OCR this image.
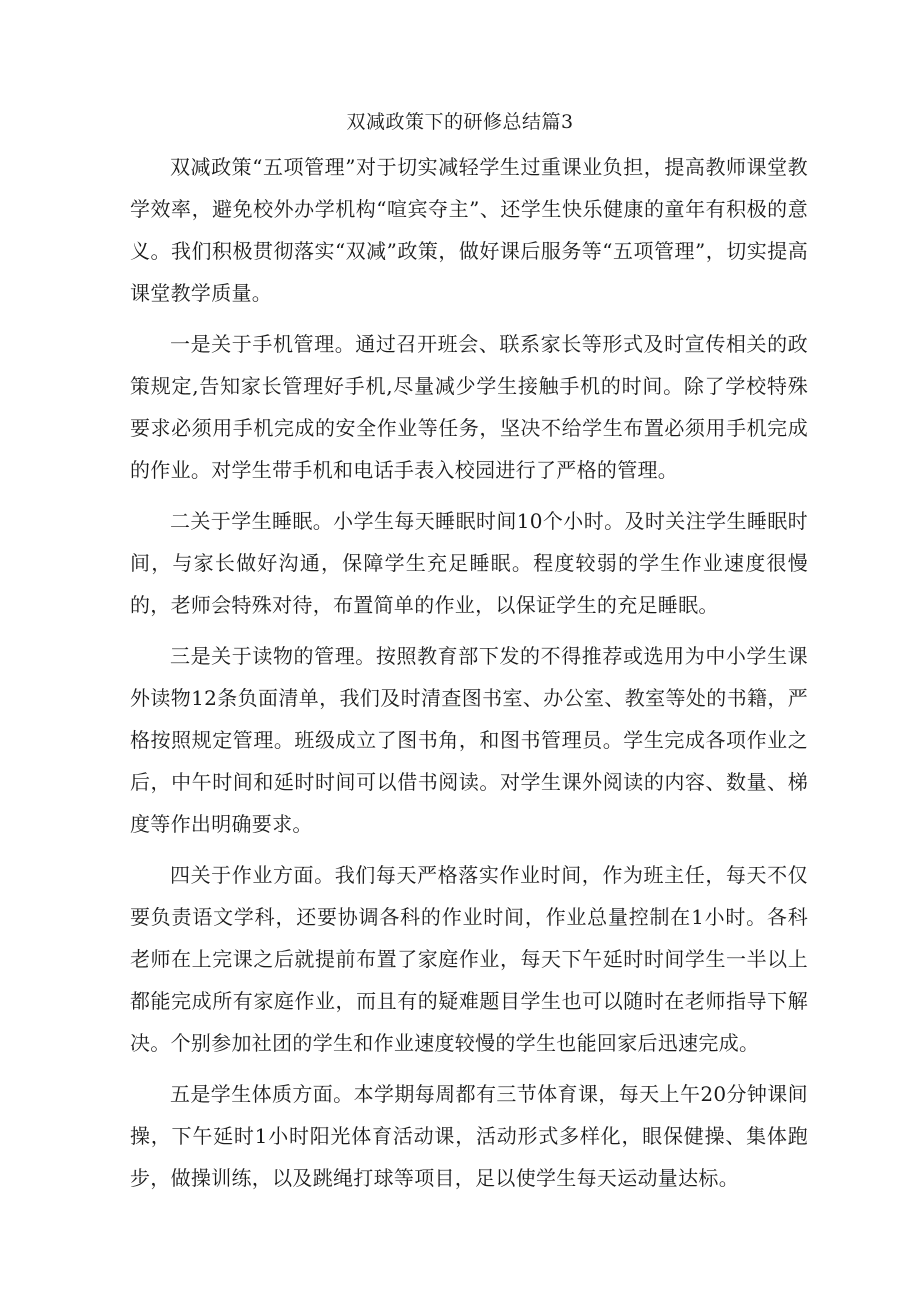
双减政策下的研修总结篇3

双减政策“五项管理”对于切实减轻学生过重课业负担，提高教师课堂教学效率，避免校外办学机构“喧宾夺主”、还学生快乐健康的童年有积极的意义。我们积极贯彻落实“双减”政策，做好课后服务等“五项管理”，切实提高课堂教学质量。

一是关于手机管理。通过召开班会、联系家长等形式及时宣传相关的政策规定,告知家长管理好手机,尽量减少学生接触手机的时间。除了学校特殊要求必须用手机完成的安全作业等任务，坚决不给学生布置必须用手机完成的作业。对学生带手机和电话手表入校园进行了严格的管理。

二关于学生睡眠。小学生每天睡眠时间10个小时。及时关注学生睡眠时间，与家长做好沟通，保障学生充足睡眠。程度较弱的学生作业速度很慢的，老师会特殊对待，布置简单的作业，以保证学生的充足睡眠。

三是关于读物的管理。按照教育部下发的不得推荐或选用为中小学生课外读物12条负面清单，我们及时清查图书室、办公室、教室等处的书籍，严格按照规定管理。班级成立了图书角，和图书管理员。学生完成各项作业之后，中午时间和延时时间可以借书阅读。对学生课外阅读的内容、数量、梯度等作出明确要求。

四关于作业方面。我们每天严格落实作业时间，作为班主任，每天不仅要负责语文学科，还要协调各科的作业时间，作业总量控制在1小时。各科老师在上完课之后就提前布置了家庭作业，每天下午延时时间学生一半以上都能完成所有家庭作业，而且有的疑难题目学生也可以随时在老师指导下解决。个别参加社团的学生和作业速度较慢的学生也能回家后迅速完成。

五是学生体质方面。本学期每周都有三节体育课，每天上午20分钟课间操，下午延时1小时阳光体育活动课，活动形式多样化，眼保健操、集体跑步，做操训练，以及跳绳打球等项目，足以使学生每天运动量达标。
